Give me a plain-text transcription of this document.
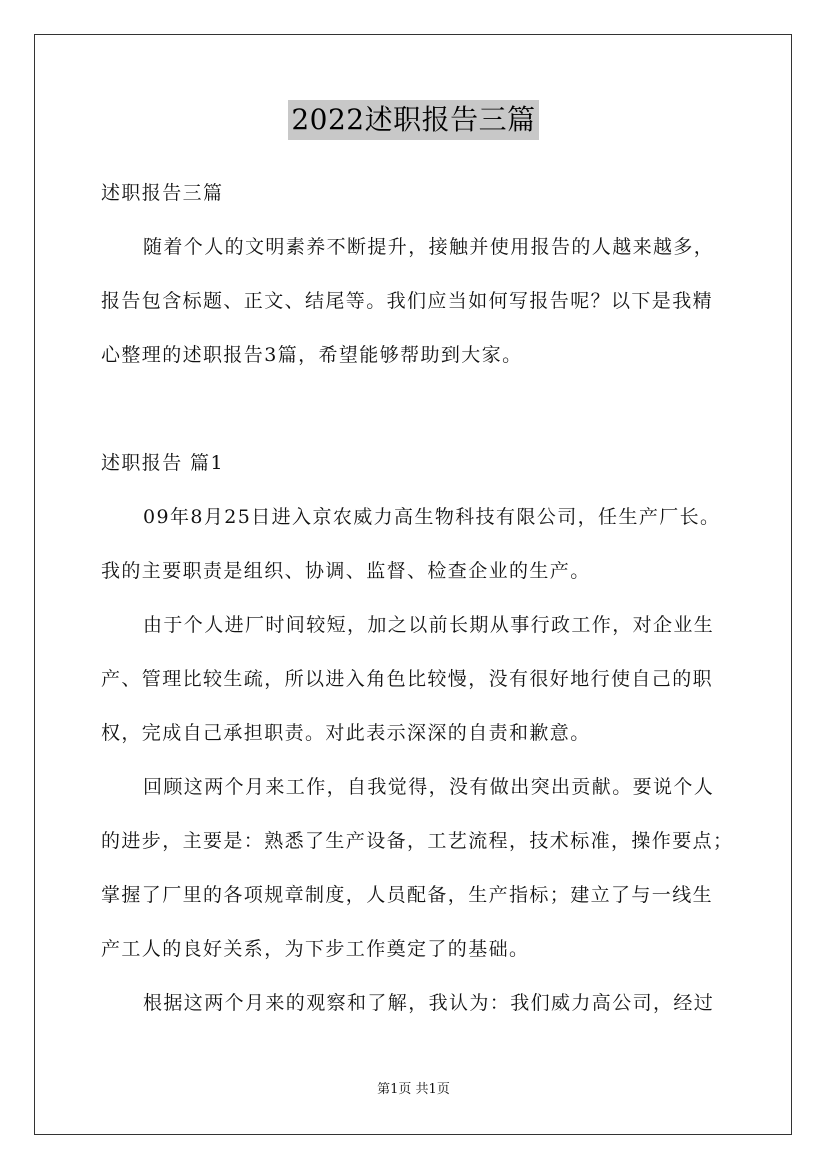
2022述职报告三篇
述职报告三篇
随着个人的文明素养不断提升，接触并使用报告的人越来越多，
报告包含标题、正文、结尾等。我们应当如何写报告呢？以下是我精
心整理的述职报告3篇，希望能够帮助到大家。
述职报告 篇1
09年8月25日进入京农威力高生物科技有限公司，任生产厂长。
我的主要职责是组织、协调、监督、检查企业的生产。
由于个人进厂时间较短，加之以前长期从事行政工作，对企业生
产、管理比较生疏，所以进入角色比较慢，没有很好地行使自己的职
权，完成自己承担职责。对此表示深深的自责和歉意。
回顾这两个月来工作，自我觉得，没有做出突出贡献。要说个人
的进步，主要是：熟悉了生产设备，工艺流程，技术标准，操作要点；
掌握了厂里的各项规章制度，人员配备，生产指标；建立了与一线生
产工人的良好关系，为下步工作奠定了的基础。
根据这两个月来的观察和了解，我认为：我们威力高公司，经过
第1页 共1页
